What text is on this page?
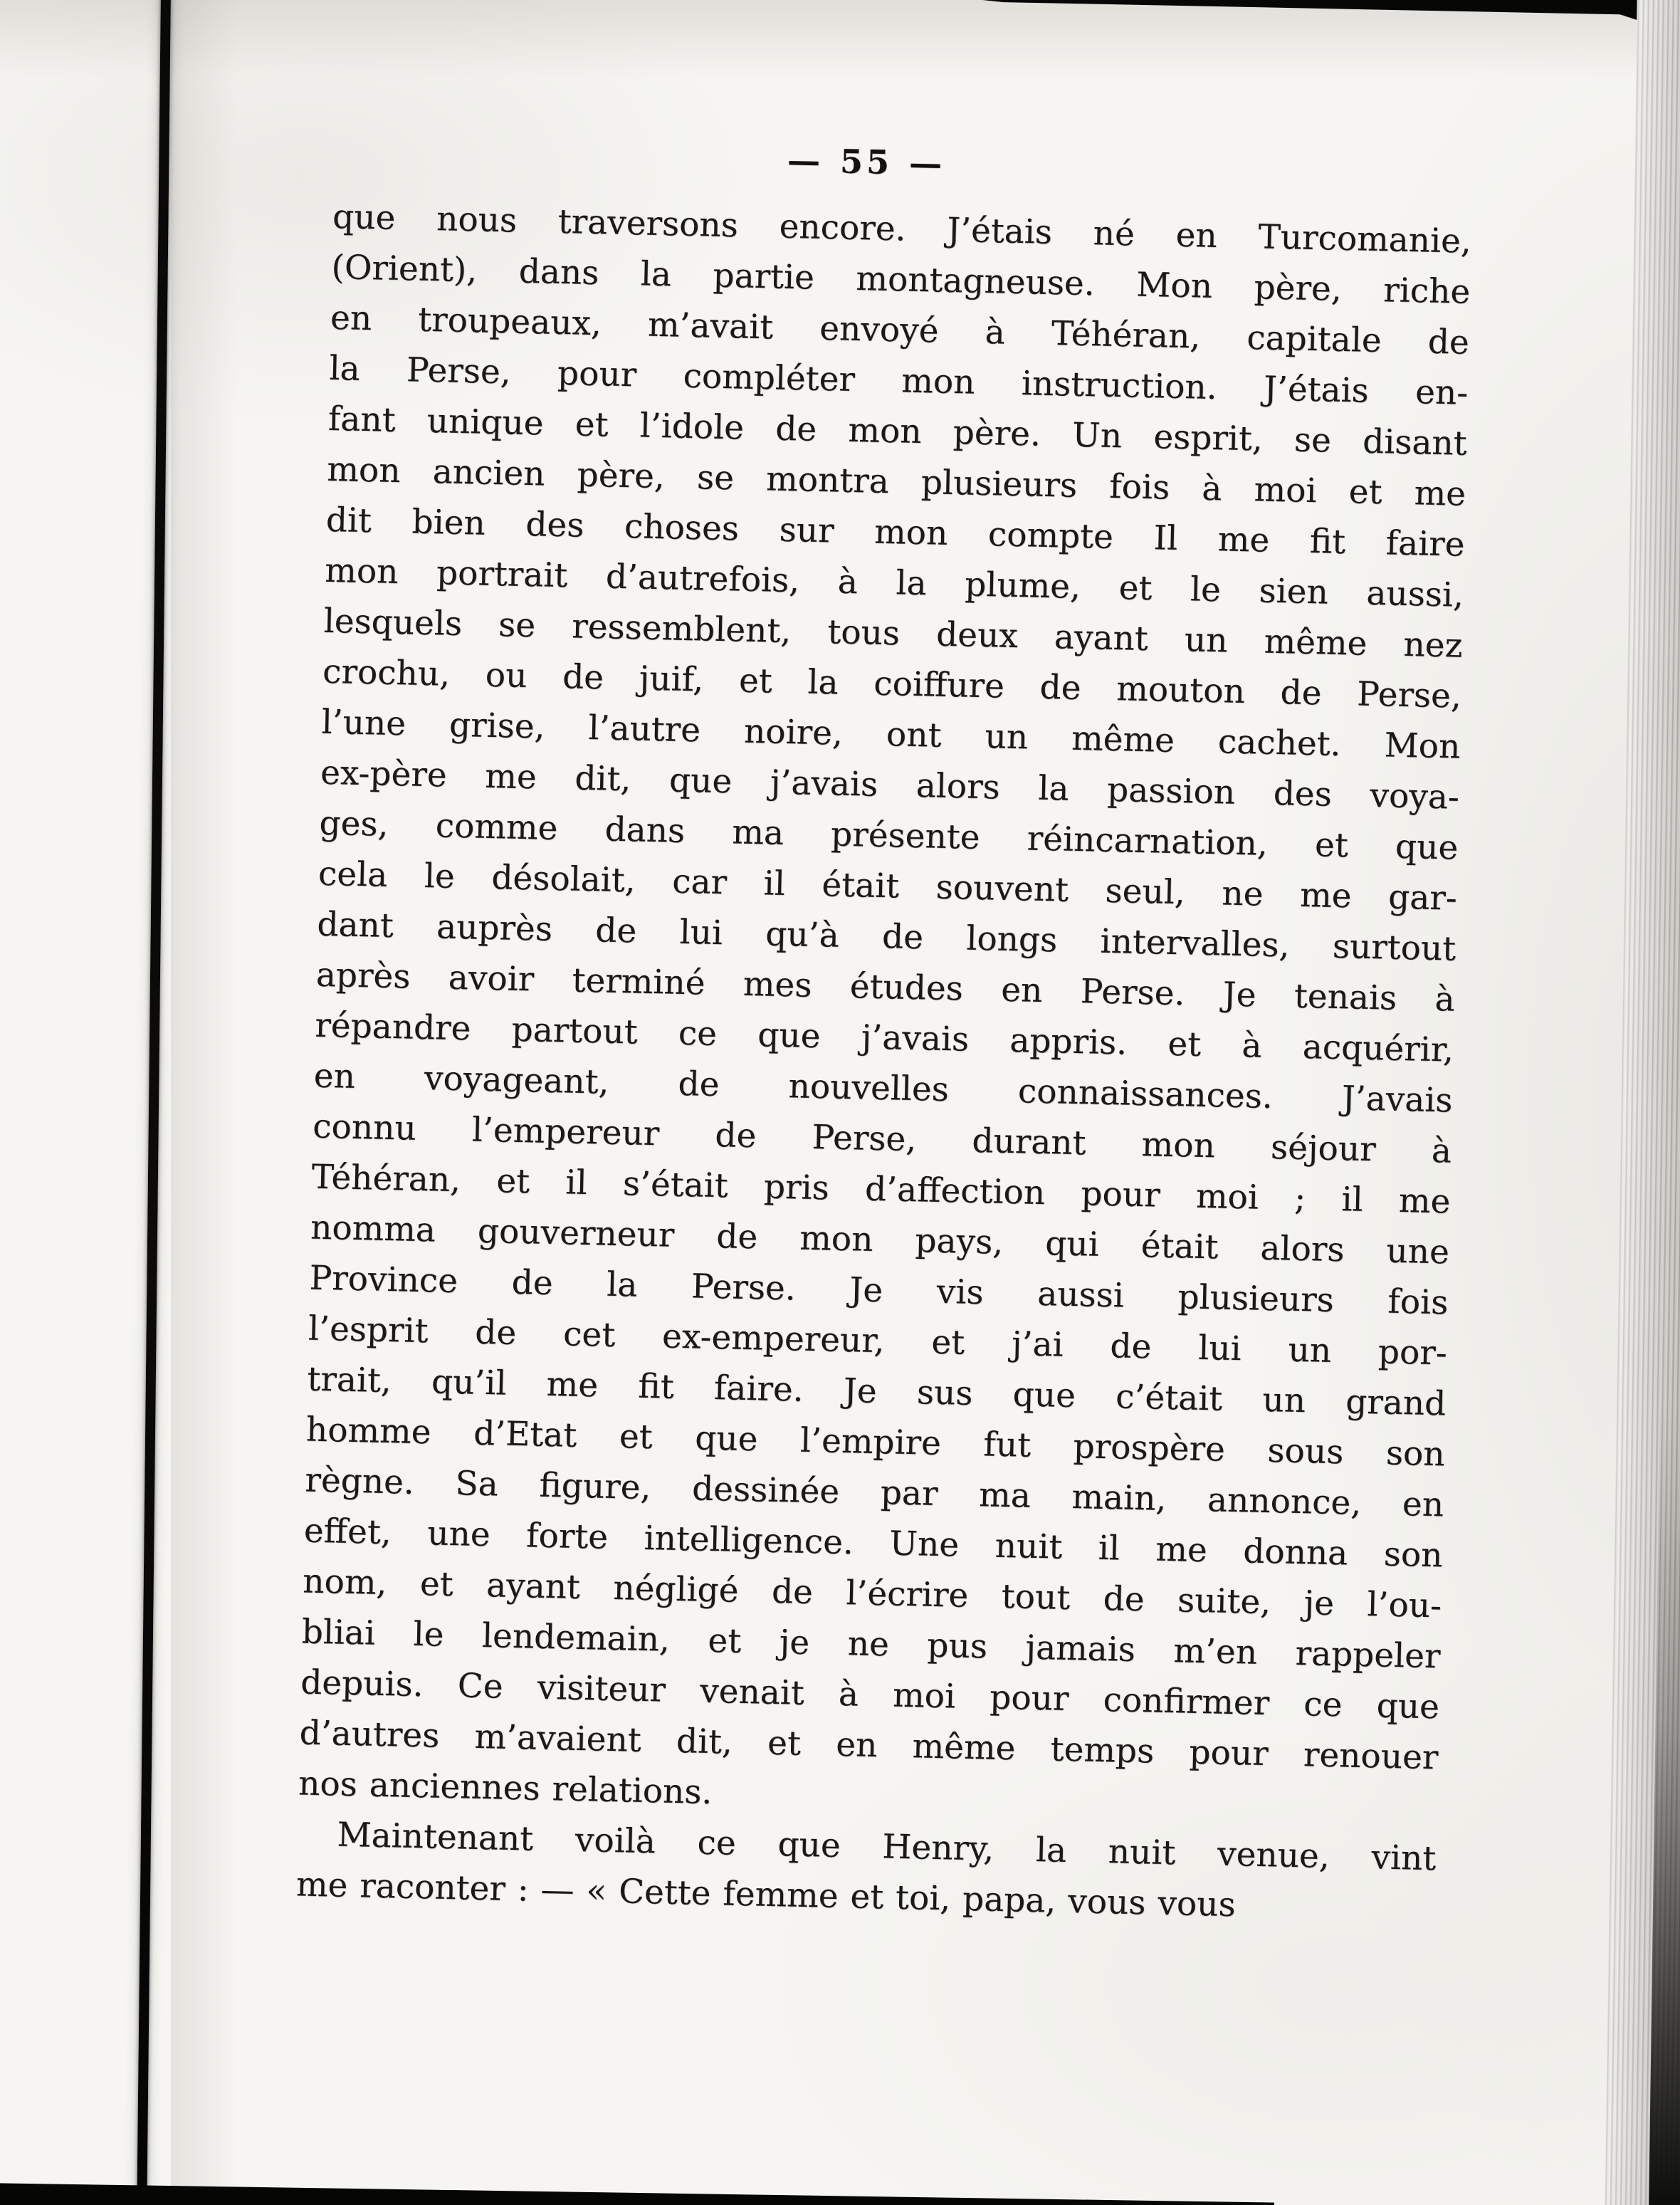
— 55 —
que nous traversons encore. J’étais né en Turcomanie,
(Orient), dans la partie montagneuse. Mon père, riche
en troupeaux, m’avait envoyé à Téhéran, capitale de
la Perse, pour compléter mon instruction. J’étais en-
fant unique et l’idole de mon père. Un esprit, se disant
mon ancien père, se montra plusieurs fois à moi et me
dit bien des choses sur mon compte Il me fit faire
mon portrait d’autrefois, à la plume, et le sien aussi,
lesquels se ressemblent, tous deux ayant un même nez
crochu, ou de juif, et la coiffure de mouton de Perse,
l’une grise, l’autre noire, ont un même cachet. Mon
ex-père me dit, que j’avais alors la passion des voya-
ges, comme dans ma présente réincarnation, et que
cela le désolait, car il était souvent seul, ne me gar-
dant auprès de lui qu’à de longs intervalles, surtout
après avoir terminé mes études en Perse. Je tenais à
répandre partout ce que j’avais appris. et à acquérir,
en voyageant, de nouvelles connaissances. J’avais
connu l’empereur de Perse, durant mon séjour à
Téhéran, et il s’était pris d’affection pour moi ; il me
nomma gouverneur de mon pays, qui était alors une
Province de la Perse. Je vis aussi plusieurs fois
l’esprit de cet ex-empereur, et j’ai de lui un por-
trait, qu’il me fit faire. Je sus que c’était un grand
homme d’Etat et que l’empire fut prospère sous son
règne. Sa figure, dessinée par ma main, annonce, en
effet, une forte intelligence. Une nuit il me donna son
nom, et ayant négligé de l’écrire tout de suite, je l’ou-
bliai le lendemain, et je ne pus jamais m’en rappeler
depuis. Ce visiteur venait à moi pour confirmer ce que
d’autres m’avaient dit, et en même temps pour renouer
nos anciennes relations.
Maintenant voilà ce que Henry, la nuit venue, vint
me raconter : — « Cette femme et toi, papa, vous vous
